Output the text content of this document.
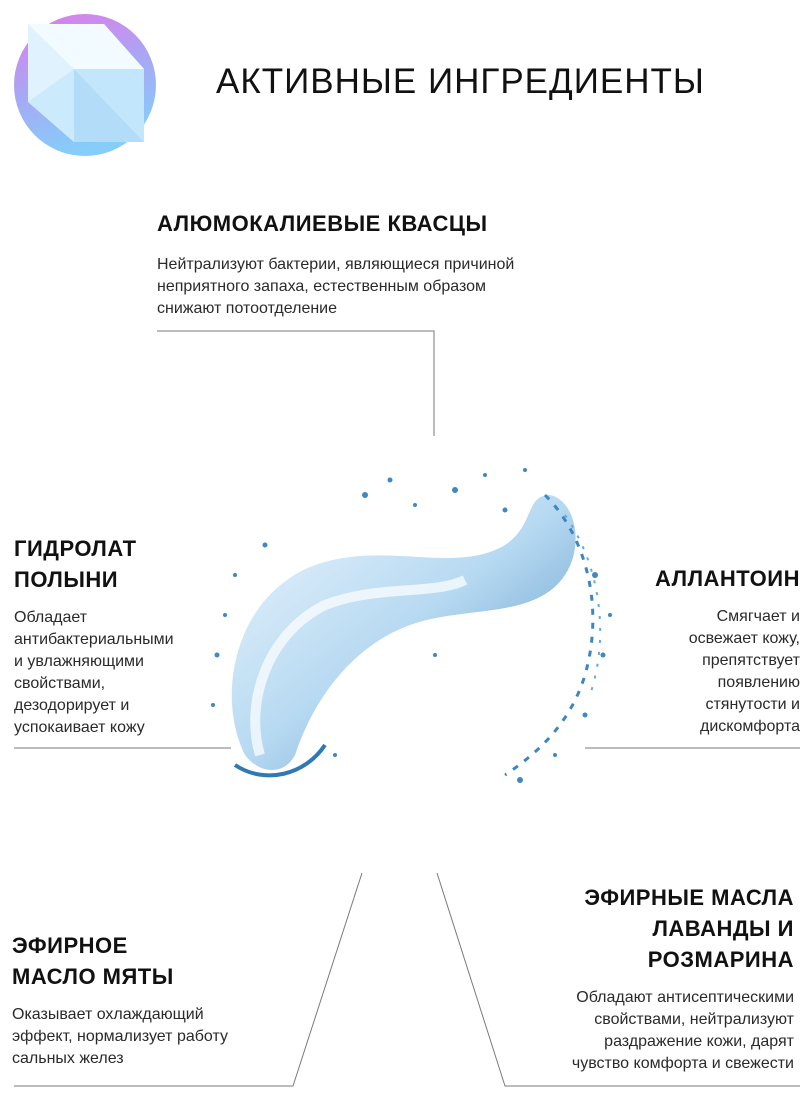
АКТИВНЫЕ ИНГРЕДИЕНТЫ

АЛЮМОКАЛИЕВЫЕ КВАСЦЫ

Нейтрализуют бактерии, являющиеся причиной

неприятного запаха, естественным образом

снижают потоотделение

ГИДРОЛАТ

ПОЛЫНИ

Обладает

антибактериальными

и увлажняющими

свойствами,

дезодорирует и

успокаивает кожу

АЛЛАНТОИН

Смягчает и

освежает кожу,

препятствует

появлению

стянутости и

дискомфорта

ЭФИРНОЕ

МАСЛО МЯТЫ

Оказывает охлаждающий

эффект, нормализует работу

сальных желез

ЭФИРНЫЕ МАСЛА

ЛАВАНДЫ И

РОЗМАРИНА

Обладают антисептическими

свойствами, нейтрализуют

раздражение кожи, дарят

чувство комфорта и свежести
